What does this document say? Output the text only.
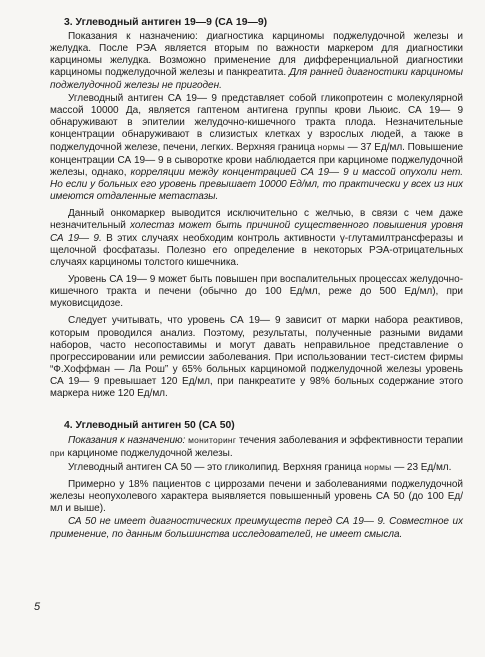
3. Углеводный антиген 19—9 (СА 19—9)

Показания к назначению: диагностика карциномы поджелудочной железы и желудка. После РЭА является вторым по важности маркером для диагностики карциномы желудка. Возможно применение для дифференциальной диагностики карциномы поджелудочной железы и панкреатита. Для ранней диагностики карциномы поджелудочной железы не пригоден.

Углеводный антиген СА 19— 9 представляет собой гликопротеин с молекулярной массой 10000 Да, является гаптеном антигена группы крови Льюис. СА 19— 9 обнаруживают в эпителии желудочно-кишечного тракта плода. Незначительные концентрации обнаруживают в слизистых клетках у взрослых людей, а также в поджелудочной железе, печени, легких. Верхняя граница нормы — 37 Ед/мл. Повышение концентрации СА 19— 9 в сыворотке крови наблюдается при карциноме поджелудочной железы, однако, корреляции между концентрацией СА 19— 9 и массой опухоли нет. Но если у больных его уровень превышает 10000 Ед/мл, то практически у всех из них имеются отдаленные метастазы.

Данный онкомаркер выводится исключительно с желчью, в связи с чем даже незначительный холестаз может быть причиной существенного повышения уровня СА 19— 9. В этих случаях необходим контроль активности γ-глутамилтрансферазы и щелочной фосфатазы. Полезно его определение в некоторых РЭА-отрицательных случаях карциномы толстого кишечника.

Уровень СА 19— 9 может быть повышен при воспалительных процессах желудочно-кишечного тракта и печени (обычно до 100 Ед/мл, реже до 500 Ед/мл), при муковисцидозе.

Следует учитывать, что уровень СА 19— 9 зависит от марки набора реактивов, которым проводился анализ. Поэтому, результаты, полученные разными видами наборов, часто несопоставимы и могут давать неправильное представление о прогрессировании или ремиссии заболевания. При использовании тест-систем фирмы “Ф.Хоффман — Ла Рош” у 65% больных карциномой поджелудочной железы уровень СА 19— 9 превышает 120 Ед/мл, при панкреатите у 98% больных содержание этого маркера ниже 120 Ед/мл.

4. Углеводный антиген 50 (СА 50)

Показания к назначению: мониторинг течения заболевания и эффективности терапии при карциноме поджелудочной железы.

Углеводный антиген СА 50 — это гликолипид. Верхняя граница нормы — 23 Ед/мл.

Примерно у 18% пациентов с циррозами печени и заболеваниями поджелудочной железы неопухолевого характера выявляется повышенный уровень СА 50 (до 100 Ед/мл и выше).

СА 50 не имеет диагностических преимуществ перед СА 19— 9. Совместное их применение, по данным большинства исследователей, не имеет смысла.

5
